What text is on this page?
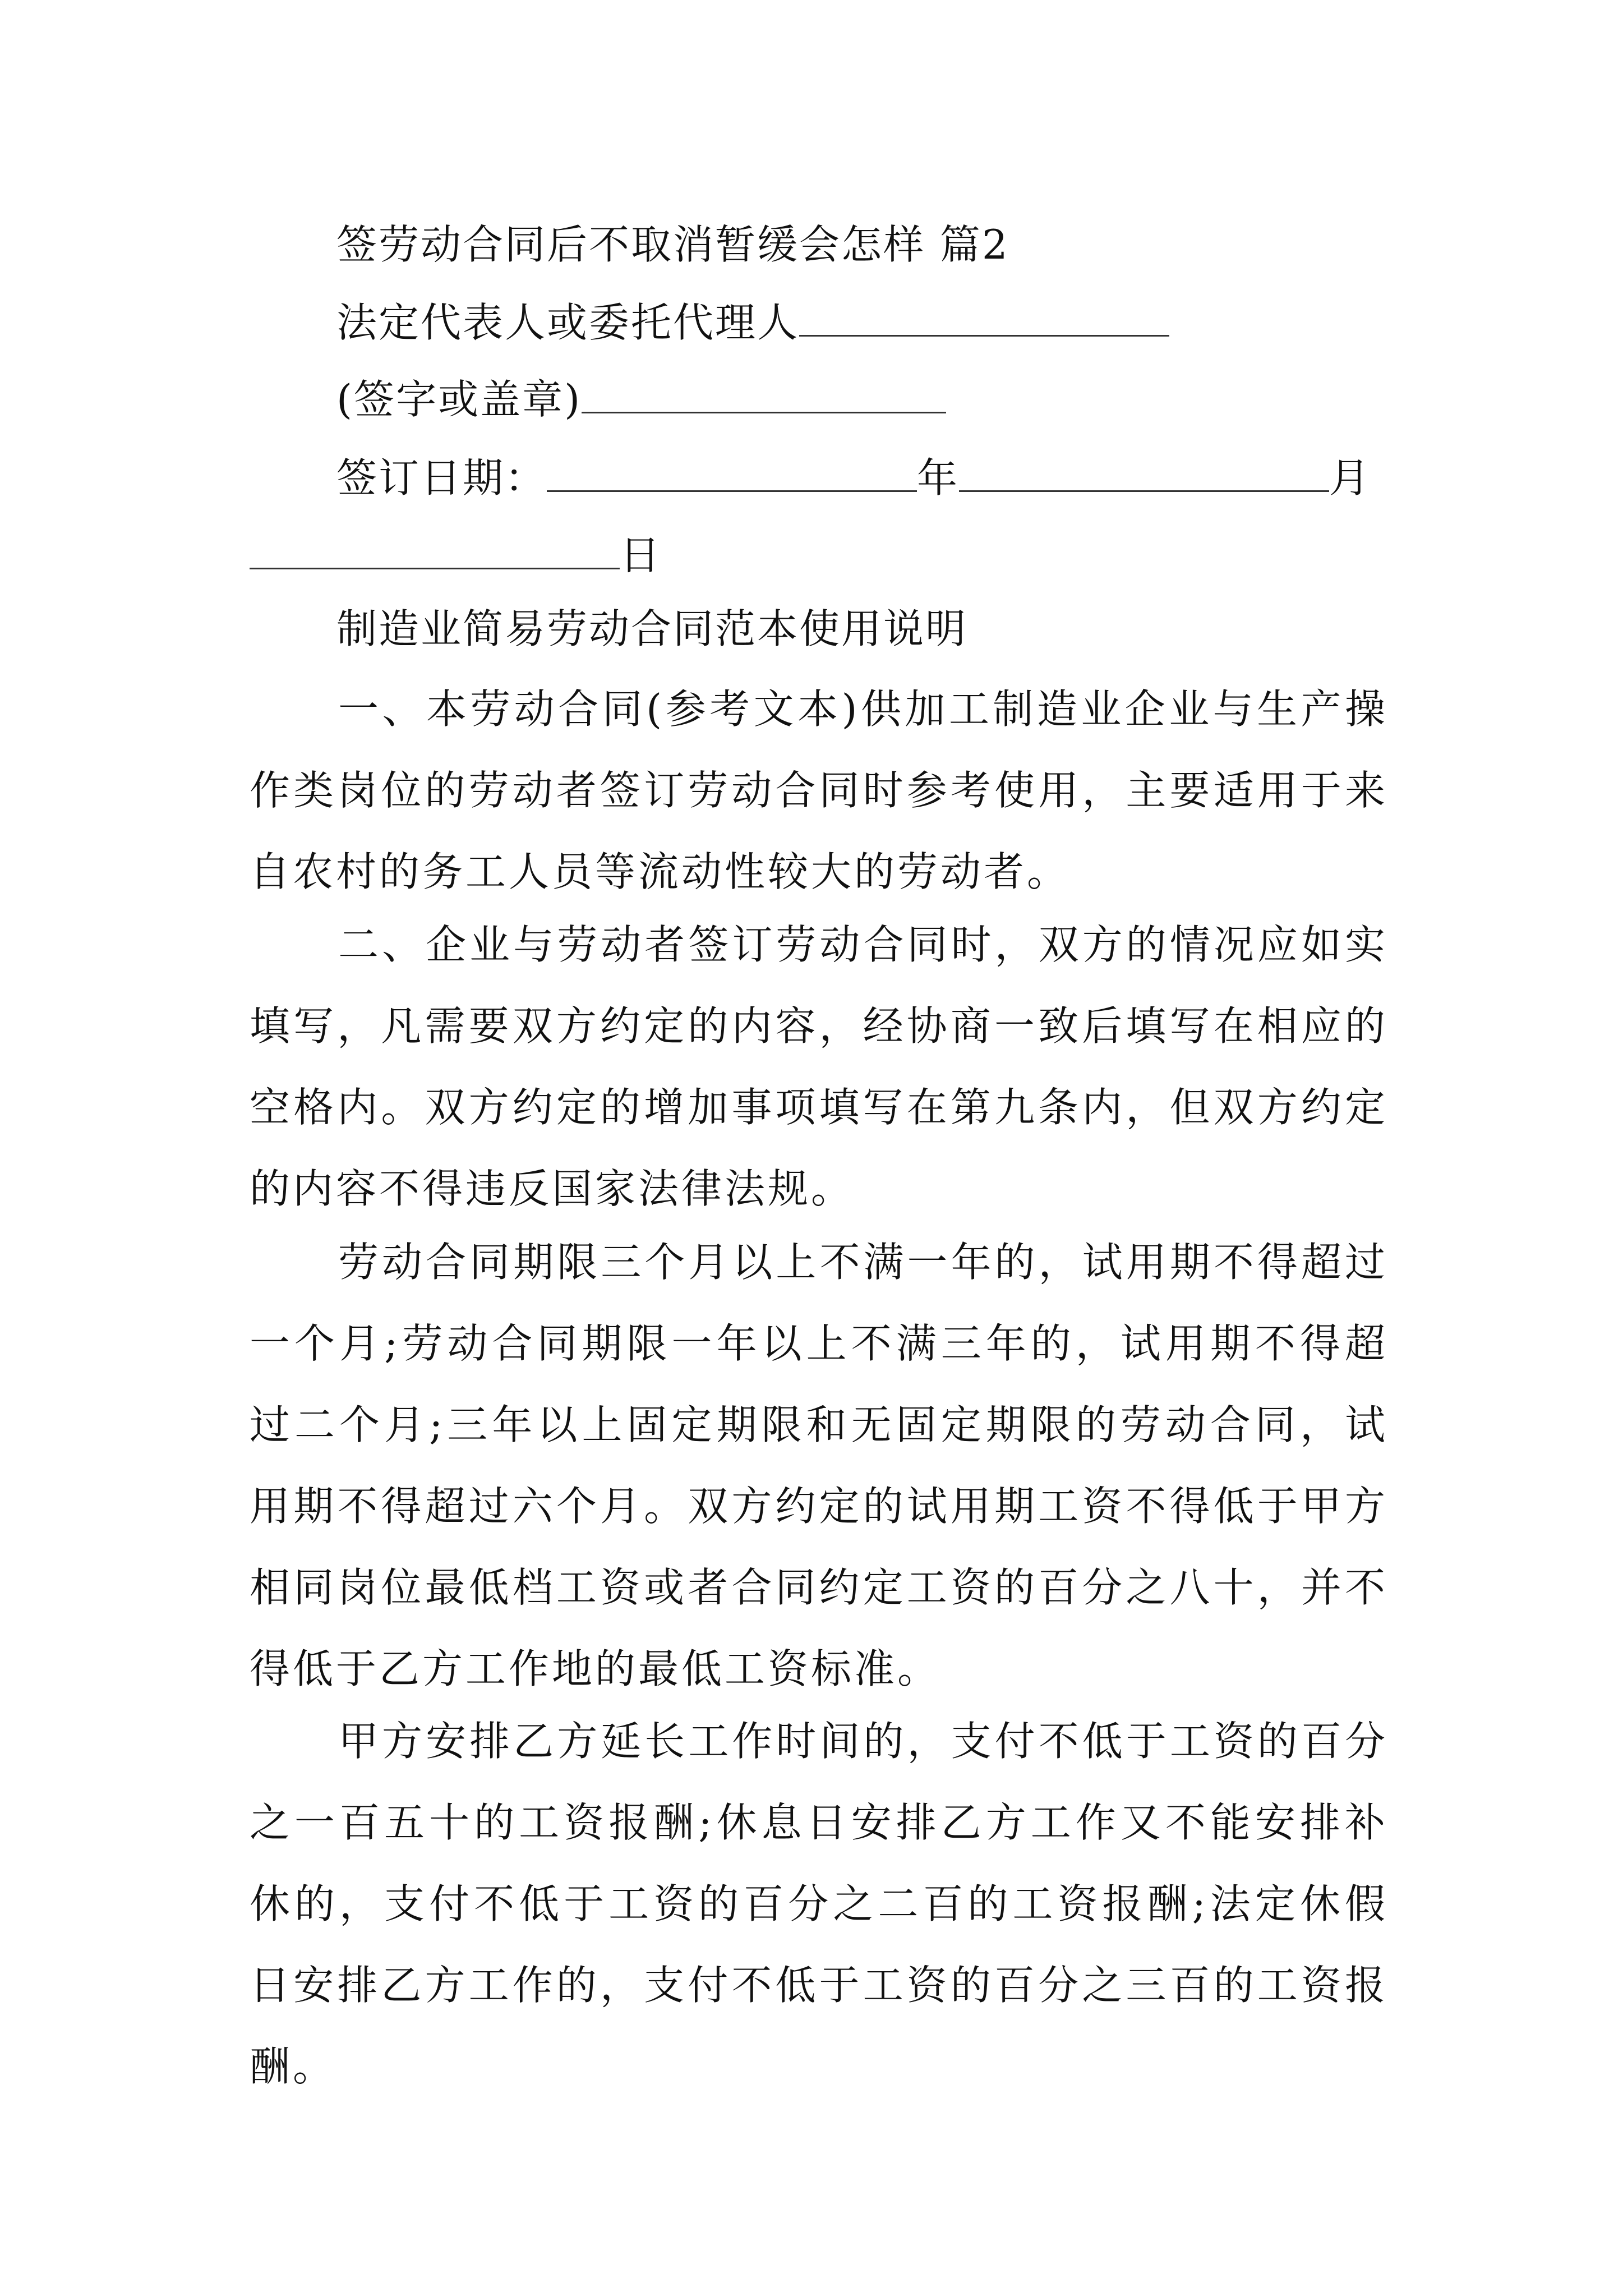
签劳动合同后不取消暂缓会怎样 篇2
法定代表人或委托代理人
(签字或盖章)
签订日期：	年	月
日
制造业简易劳动合同范本使用说明

一、本劳动合同(参考文本)供加工制造业企业与生产操作类岗位的劳动者签订劳动合同时参考使用，主要适用于来自农村的务工人员等流动性较大的劳动者。

二、企业与劳动者签订劳动合同时，双方的情况应如实填写，凡需要双方约定的内容，经协商一致后填写在相应的空格内。双方约定的增加事项填写在第九条内，但双方约定的内容不得违反国家法律法规。

劳动合同期限三个月以上不满一年的，试用期不得超过一个月;劳动合同期限一年以上不满三年的，试用期不得超过二个月;三年以上固定期限和无固定期限的劳动合同，试用期不得超过六个月。双方约定的试用期工资不得低于甲方相同岗位最低档工资或者合同约定工资的百分之八十，并不得低于乙方工作地的最低工资标准。

甲方安排乙方延长工作时间的，支付不低于工资的百分之一百五十的工资报酬;休息日安排乙方工作又不能安排补休的，支付不低于工资的百分之二百的工资报酬;法定休假日安排乙方工作的，支付不低于工资的百分之三百的工资报酬。
